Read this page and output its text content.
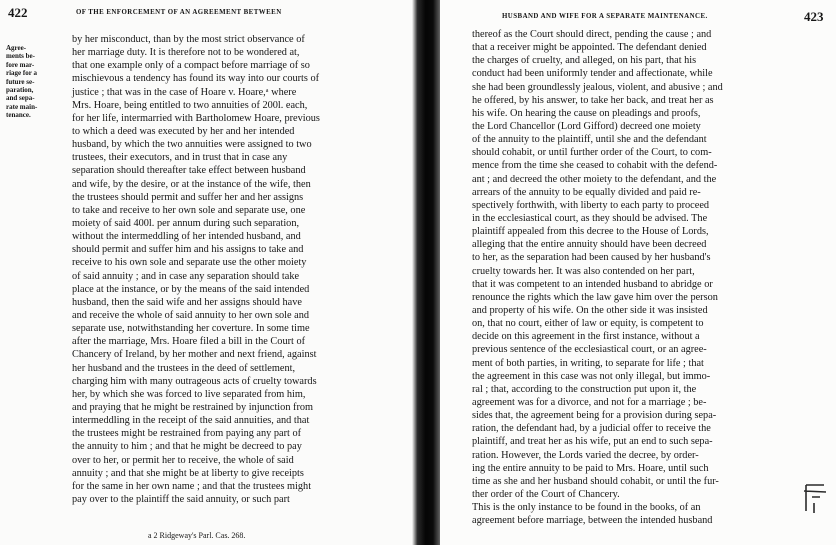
422	OF THE ENFORCEMENT OF AN AGREEMENT BETWEEN
Agree-
ments be-
fore mar-
riage for a
future se-
paration,
and sepa-
rate main-
tenance.
by her misconduct, than by the most strict observance of
her marriage duty. It is therefore not to be wondered at,
that one example only of a compact before marriage of so
mischievous a tendency has found its way into our courts of
justice ; that was in the case of Hoare v. Hoare,ᵃ where
Mrs. Hoare, being entitled to two annuities of 200l. each,
for her life, intermarried with Bartholomew Hoare, previous
to which a deed was executed by her and her intended
husband, by which the two annuities were assigned to two
trustees, their executors, and in trust that in case any
separation should thereafter take effect between husband
and wife, by the desire, or at the instance of the wife, then
the trustees should permit and suffer her and her assigns
to take and receive to her own sole and separate use, one
moiety of said 400l. per annum during such separation,
without the intermeddling of her intended husband, and
should permit and suffer him and his assigns to take and
receive to his own sole and separate use the other moiety
of said annuity ; and in case any separation should take
place at the instance, or by the means of the said intended
husband, then the said wife and her assigns should have
and receive the whole of said annuity to her own sole and
separate use, notwithstanding her coverture. In some time
after the marriage, Mrs. Hoare filed a bill in the Court of
Chancery of Ireland, by her mother and next friend, against
her husband and the trustees in the deed of settlement,
charging him with many outrageous acts of cruelty towards
her, by which she was forced to live separated from him,
and praying that he might be restrained by injunction from
intermeddling in the receipt of the said annuities, and that
the trustees might be restrained from paying any part of
the annuity to him ; and that he might be decreed to pay
over to her, or permit her to receive, the whole of said
annuity ; and that she might be at liberty to give receipts
for the same in her own name ; and that the trustees might
pay over to the plaintiff the said annuity, or such part
a 2 Ridgeway's Parl. Cas. 268.
HUSBAND AND WIFE FOR A SEPARATE MAINTENANCE.	423
thereof as the Court should direct, pending the cause ; and
that a receiver might be appointed. The defendant denied
the charges of cruelty, and alleged, on his part, that his
conduct had been uniformly tender and affectionate, while
she had been groundlessly jealous, violent, and abusive ; and
he offered, by his answer, to take her back, and treat her as
his wife. On hearing the cause on pleadings and proofs,
the Lord Chancellor (Lord Gifford) decreed one moiety
of the annuity to the plaintiff, until she and the defendant
should cohabit, or until further order of the Court, to com-
mence from the time she ceased to cohabit with the defend-
ant ; and decreed the other moiety to the defendant, and the
arrears of the annuity to be equally divided and paid re-
spectively forthwith, with liberty to each party to proceed
in the ecclesiastical court, as they should be advised. The
plaintiff appealed from this decree to the House of Lords,
alleging that the entire annuity should have been decreed
to her, as the separation had been caused by her husband's
cruelty towards her. It was also contended on her part,
that it was competent to an intended husband to abridge or
renounce the rights which the law gave him over the person
and property of his wife. On the other side it was insisted
on, that no court, either of law or equity, is competent to
decide on this agreement in the first instance, without a
previous sentence of the ecclesiastical court, or an agree-
ment of both parties, in writing, to separate for life ; that
the agreement in this case was not only illegal, but immo-
ral ; that, according to the construction put upon it, the
agreement was for a divorce, and not for a marriage ; be-
sides that, the agreement being for a provision during sepa-
ration, the defendant had, by a judicial offer to receive the
plaintiff, and treat her as his wife, put an end to such sepa-
ration. However, the Lords varied the decree, by order-
ing the entire annuity to be paid to Mrs. Hoare, until such
time as she and her husband should cohabit, or until the fur-
ther order of the Court of Chancery.
This is the only instance to be found in the books, of an
agreement before marriage, between the intended husband
